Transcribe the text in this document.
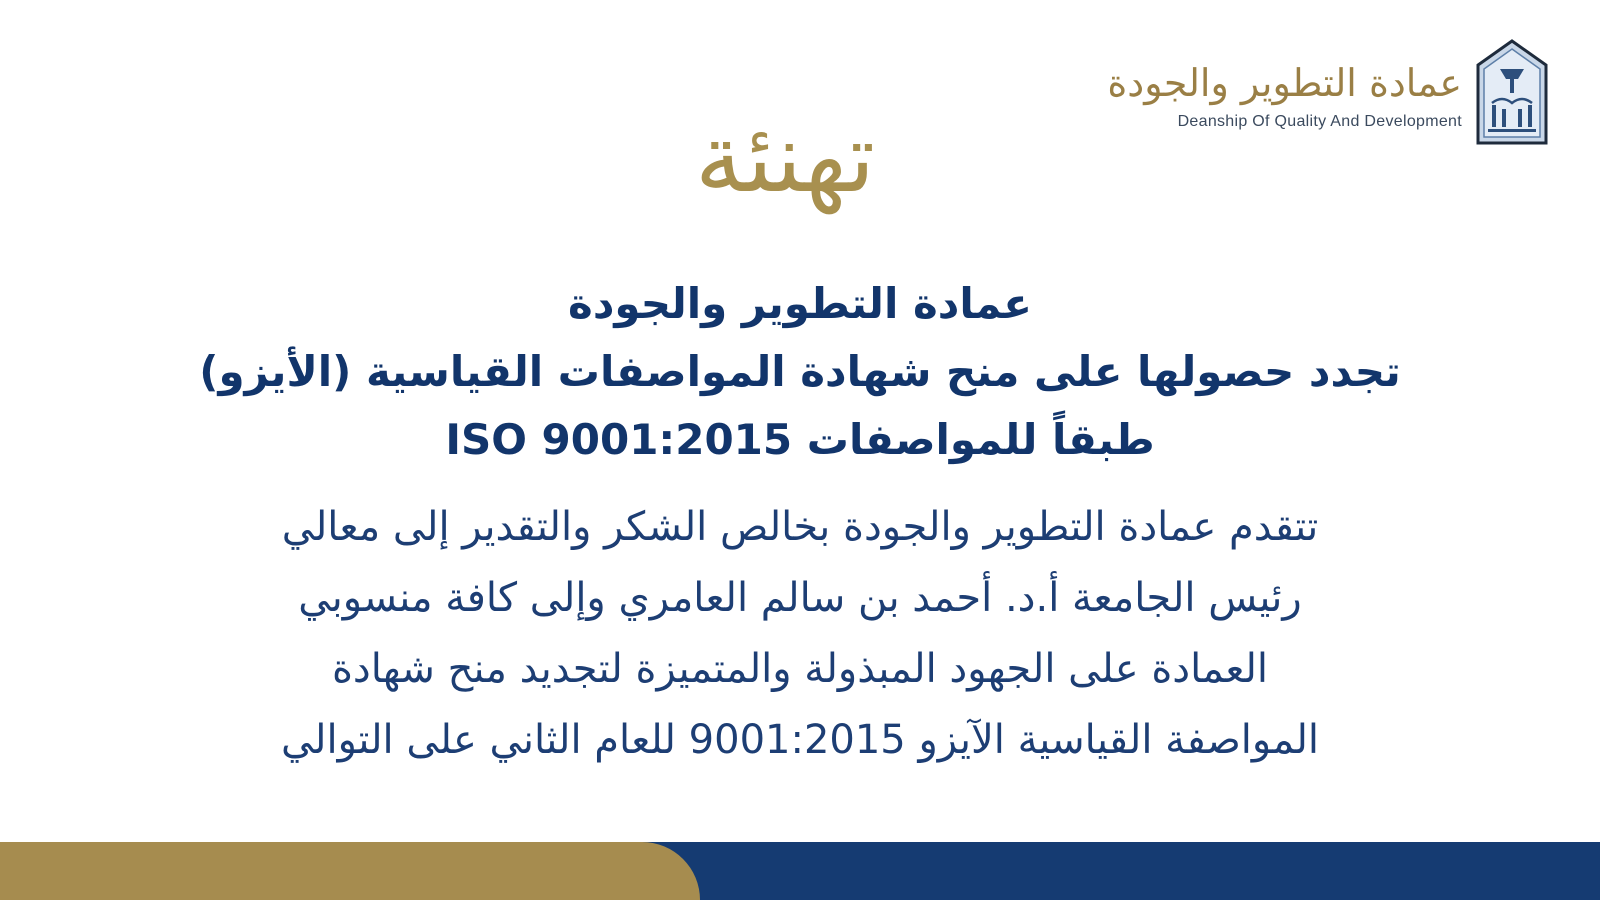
عمادة التطوير والجودة
Deanship Of Quality And Development
تهنئة
عمادة التطوير والجودة
تجدد حصولها على منح شهادة المواصفات القياسية (الأيزو)
طبقاً للمواصفات ISO 9001:2015
تتقدم عمادة التطوير والجودة بخالص الشكر والتقدير إلى معالي
رئيس الجامعة أ.د. أحمد بن سالم العامري وإلى كافة منسوبي
العمادة على الجهود المبذولة والمتميزة لتجديد منح شهادة
المواصفة القياسية الآيزو 9001:2015 للعام الثاني على التوالي
